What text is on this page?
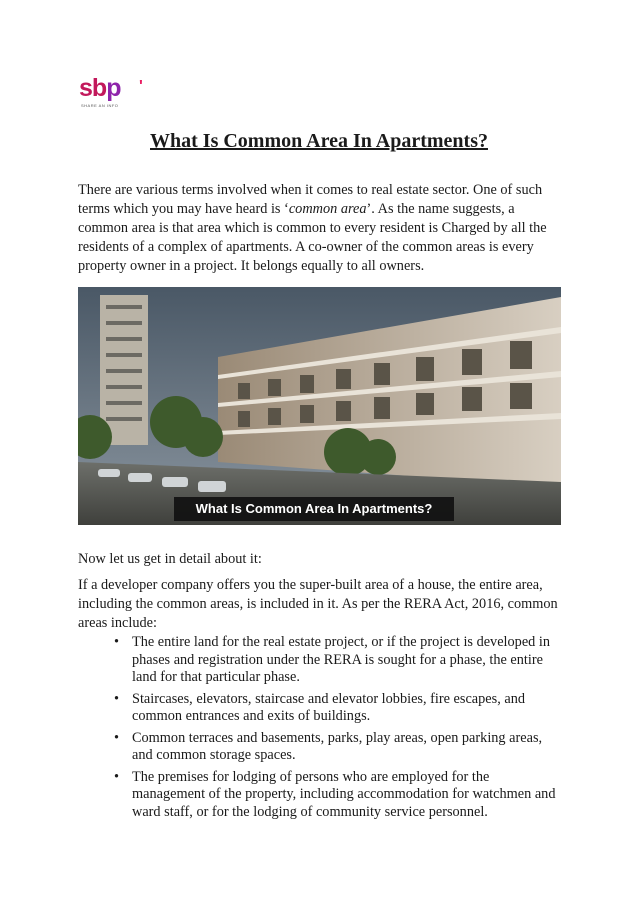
sbp '
SHARE AN INFO
What Is Common Area In Apartments?

There are various terms involved when it comes to real estate sector. One of such terms which you may have heard is ‘common area’. As the name suggests, a common area is that area which is common to every resident is Charged by all the residents of a complex of apartments. A co-owner of the common areas is every property owner in a project. It belongs equally to all owners.

What Is Common Area In Apartments?

Now let us get in detail about it:

If a developer company offers you the super-built area of a house, the entire area, including the common areas, is included in it. As per the RERA Act, 2016, common areas include:

• The entire land for the real estate project, or if the project is developed in phases and registration under the RERA is sought for a phase, the entire land for that particular phase.
• Staircases, elevators, staircase and elevator lobbies, fire escapes, and common entrances and exits of buildings.
• Common terraces and basements, parks, play areas, open parking areas, and common storage spaces.
• The premises for lodging of persons who are employed for the management of the property, including accommodation for watchmen and ward staff, or for the lodging of community service personnel.
